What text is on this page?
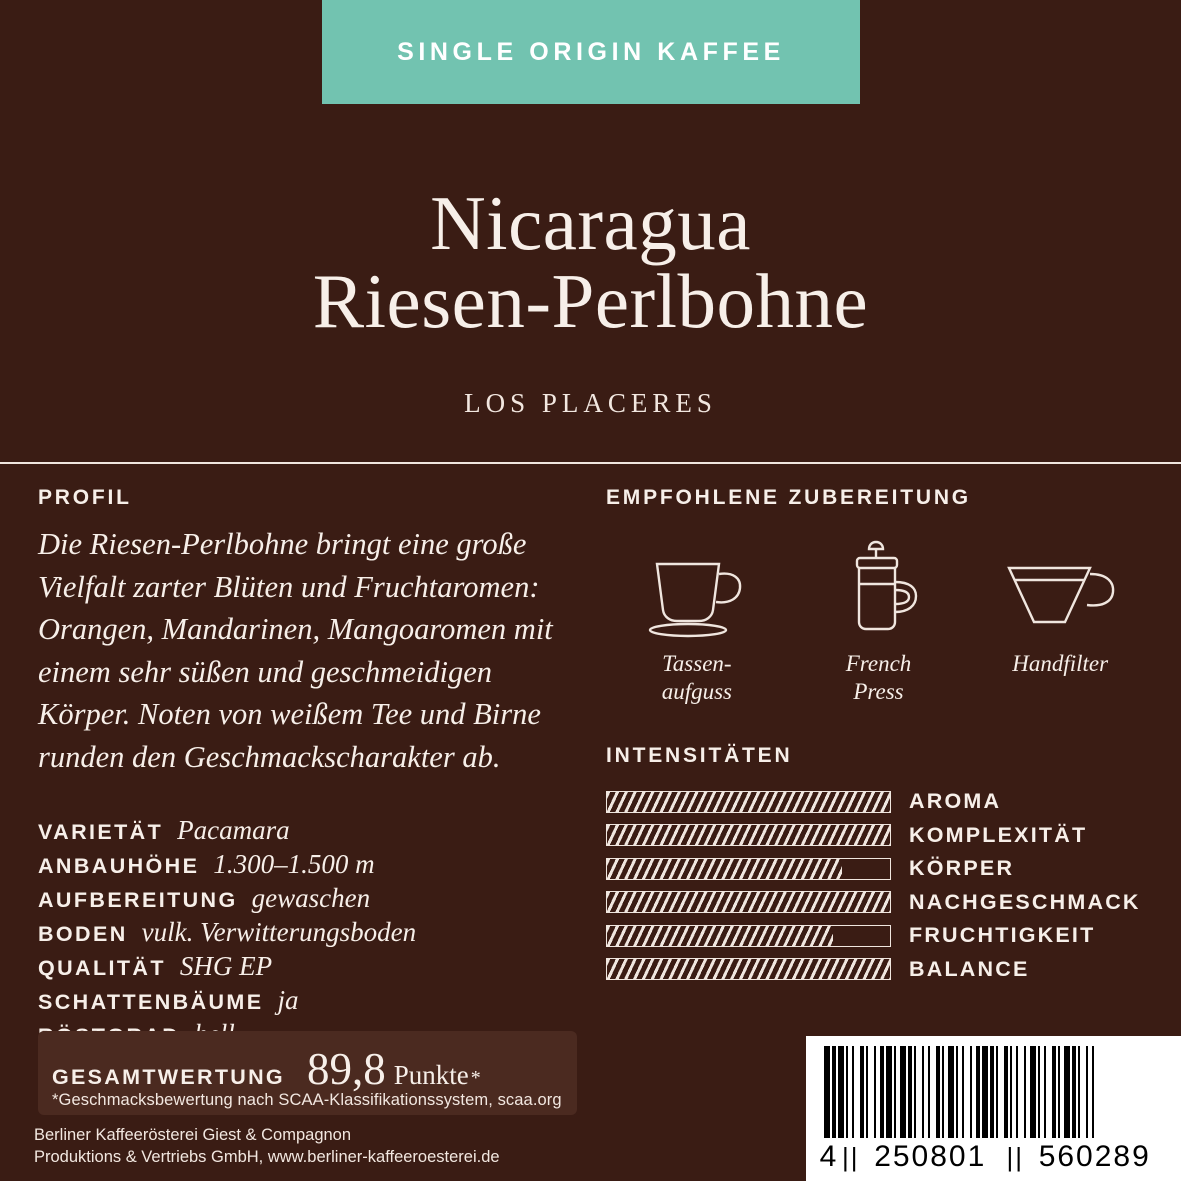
SINGLE ORIGIN KAFFEE
Nicaragua
Riesen-Perlbohne
LOS PLACERES
PROFIL
Die Riesen-Perlbohne bringt eine große Vielfalt zarter Blüten und Fruchtaromen: Orangen, Mandarinen, Mangoaromen mit einem sehr süßen und geschmeidigen Körper. Noten von weißem Tee und Birne runden den Geschmackscharakter ab.
VARIETÄT Pacamara
ANBAUHÖHE 1.300–1.500 m
AUFBEREITUNG gewaschen
BODEN vulk. Verwitterungsboden
QUALITÄT SHG EP
SCHATTENBÄUME ja
GESAMTWERTUNG 89,8 Punkte *
*Geschmacksbewertung nach SCAA-Klassifikationssystem, scaa.org
Berliner Kaffeerösterei Giest & Compagnon
Produktions & Vertriebs GmbH, www.berliner-kaffeeroesterei.de
EMPFOHLENE ZUBEREITUNG
Tassen-
aufguss
French
Press
Handfilter
INTENSITÄTEN
AROMA
KOMPLEXITÄT
KÖRPER
NACHGESCHMACK
FRUCHTIGKEIT
BALANCE
4 || 250801 || 560289
